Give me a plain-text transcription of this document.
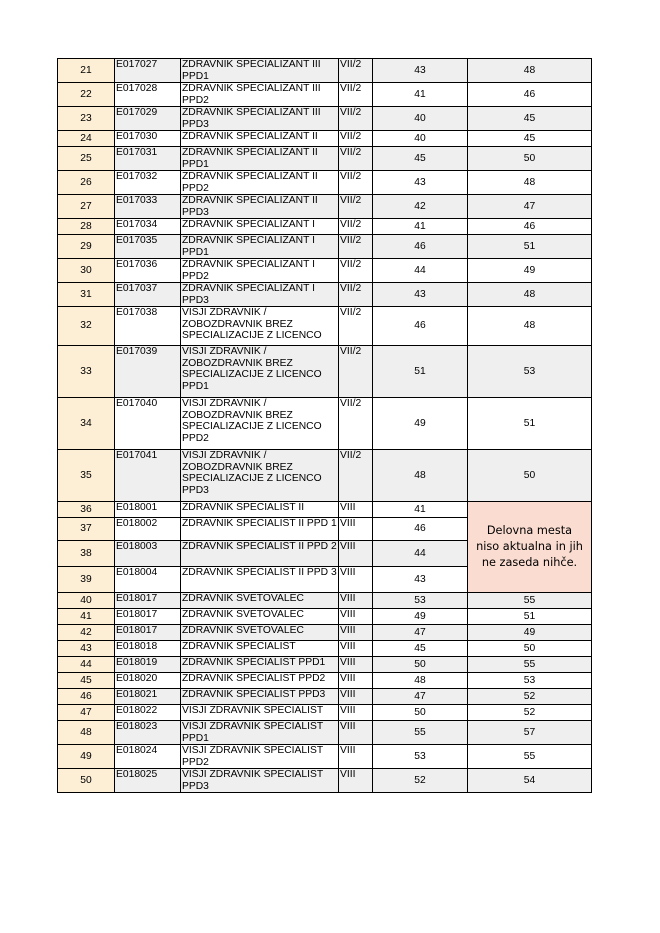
21	E017027	ZDRAVNIK SPECIALIZANT III PPD1	VII/2	43	48
22	E017028	ZDRAVNIK SPECIALIZANT III PPD2	VII/2	41	46
23	E017029	ZDRAVNIK SPECIALIZANT III PPD3	VII/2	40	45
24	E017030	ZDRAVNIK SPECIALIZANT II	VII/2	40	45
25	E017031	ZDRAVNIK SPECIALIZANT II PPD1	VII/2	45	50
26	E017032	ZDRAVNIK SPECIALIZANT II PPD2	VII/2	43	48
27	E017033	ZDRAVNIK SPECIALIZANT II PPD3	VII/2	42	47
28	E017034	ZDRAVNIK SPECIALIZANT I	VII/2	41	46
29	E017035	ZDRAVNIK SPECIALIZANT I PPD1	VII/2	46	51
30	E017036	ZDRAVNIK SPECIALIZANT I PPD2	VII/2	44	49
31	E017037	ZDRAVNIK SPECIALIZANT I PPD3	VII/2	43	48
32	E017038	VISJI ZDRAVNIK / ZOBOZDRAVNIK BREZ SPECIALIZACIJE Z LICENCO	VII/2	46	48
33	E017039	VISJI ZDRAVNIK / ZOBOZDRAVNIK BREZ SPECIALIZACIJE Z LICENCO PPD1	VII/2	51	53
34	E017040	VISJI ZDRAVNIK / ZOBOZDRAVNIK BREZ SPECIALIZACIJE Z LICENCO PPD2	VII/2	49	51
35	E017041	VISJI ZDRAVNIK / ZOBOZDRAVNIK BREZ SPECIALIZACIJE Z LICENCO PPD3	VII/2	48	50
36	E018001	ZDRAVNIK SPECIALIST II	VIII	41	Delovna mesta niso aktualna in jih ne zaseda nihče.
37	E018002	ZDRAVNIK SPECIALIST II PPD 1	VIII	46	
38	E018003	ZDRAVNIK SPECIALIST II PPD 2	VIII	44	
39	E018004	ZDRAVNIK SPECIALIST II PPD 3	VIII	43	
40	E018017	ZDRAVNIK SVETOVALEC	VIII	53	55
41	E018017	ZDRAVNIK SVETOVALEC	VIII	49	51
42	E018017	ZDRAVNIK SVETOVALEC	VIII	47	49
43	E018018	ZDRAVNIK SPECIALIST	VIII	45	50
44	E018019	ZDRAVNIK SPECIALIST PPD1	VIII	50	55
45	E018020	ZDRAVNIK SPECIALIST PPD2	VIII	48	53
46	E018021	ZDRAVNIK SPECIALIST PPD3	VIII	47	52
47	E018022	VISJI ZDRAVNIK SPECIALIST	VIII	50	52
48	E018023	VISJI ZDRAVNIK SPECIALIST PPD1	VIII	55	57
49	E018024	VISJI ZDRAVNIK SPECIALIST PPD2	VIII	53	55
50	E018025	VIŠJI ZDRAVNIK SPECIALIST PPD3	VIII	52	54
